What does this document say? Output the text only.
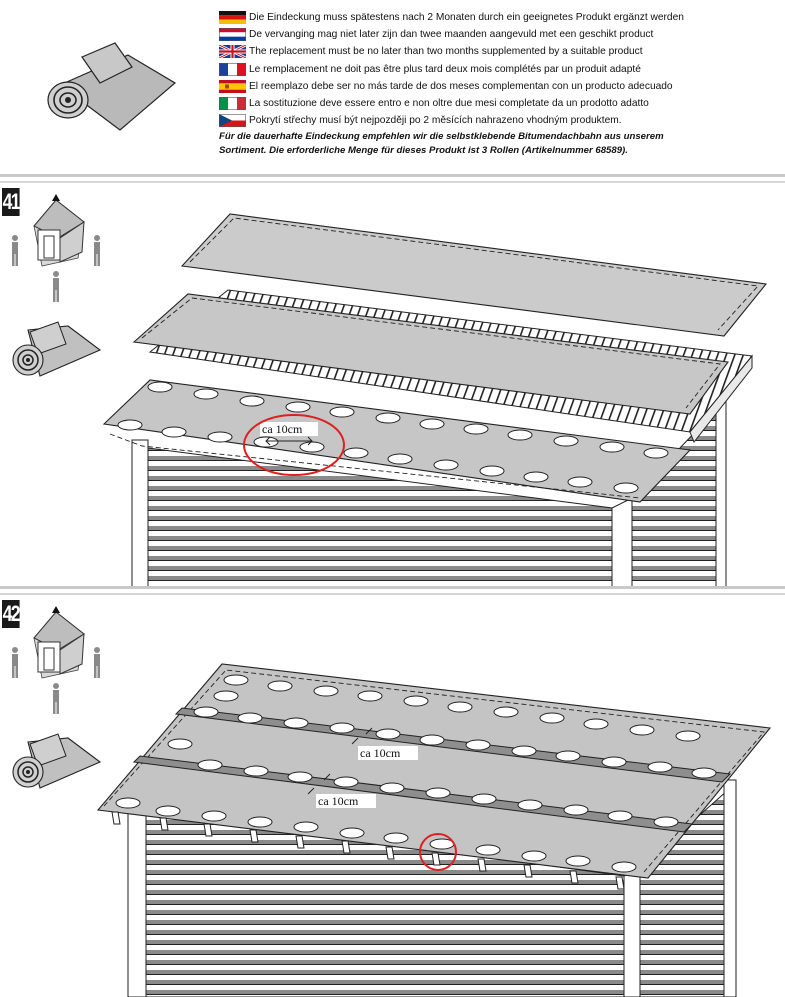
Die Eindeckung muss spätestens nach 2 Monaten durch ein geeignetes Produkt ergänzt werden
De vervanging mag niet later zijn dan twee maanden aangevuld met een geschikt product
The replacement must be no later than two months supplemented by a suitable product
Le remplacement ne doit pas être plus tard deux mois complétés par un produit adapté
El reemplazo debe ser no más tarde de dos meses complementan con un producto adecuado
La sostituzione deve essere entro e non oltre due mesi completate da un prodotto adatto
Pokrytí střechy musí být nejpozději po 2 měsících nahrazeno vhodným produktem.
Für die dauerhafte Eindeckung empfehlen wir die selbstklebende Bitumendachbahn aus unserem
Sortiment. Die erforderliche Menge für dieses Produkt ist 3 Rollen (Artikelnummer 68589).
41
ca 10cm
42
ca 10cm
ca 10cm
